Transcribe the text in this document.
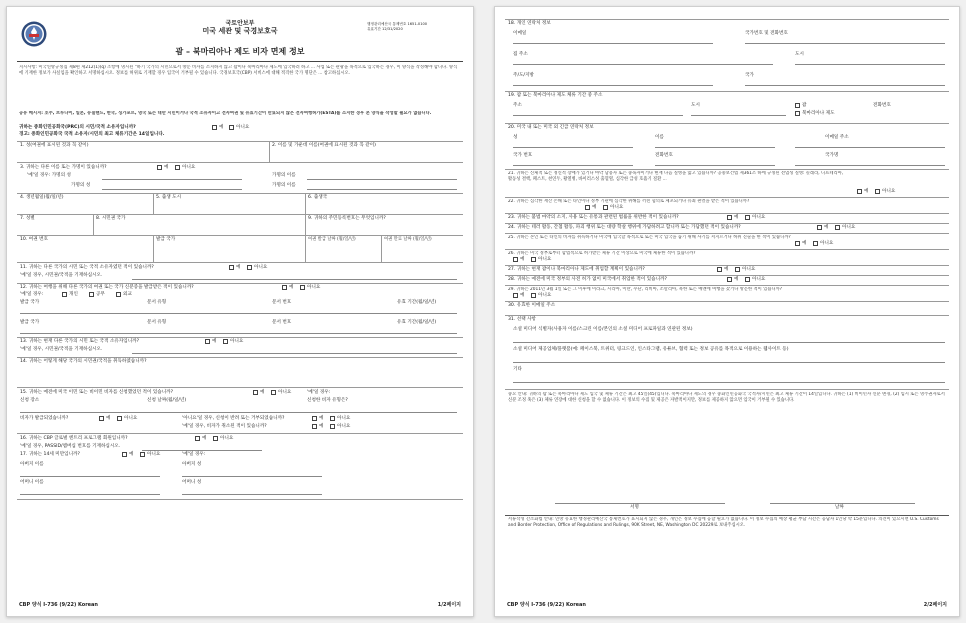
국토안보부
미국 세관 및 국경보호국
행정관리예산국 통제번호 1651-0100
유효기간 12/31/2020
괌 – 북마리아나 제도 비자 면제 정보
지시사항: 미국연방규정집 제8편 제212(1)(q) 조항에 명시된 "하기 국가의 시민으로서 방문 비자를 소지하지 않고 괌이나 북마리아나 제도에 입국하려 하고 ... 사업 또는 관광을 목적으로 입국하는 경우, 이 양식을 작성해야 합니다. 양식에 기재한 정보가 사실임을 확인하고 서명하십시오. 정보를 허위로 기재할 경우 입국이 거부될 수 있습니다. 국경보호국(CBP) 서비스에 대해 적격한 국가 명단은 ... 참고하십시오.
공유 메시지: 호주, 브루나이, 일본, 뉴질랜드, 한국, 싱가포르, 영국 또는 대만 시민이거나 국적 소유자이고 전자여권 및 유효기간이 만료되지 않은 전자여행허가(ESTA)를 소지한 경우 본 양식을 작성할 필요가 없습니다.
귀하는 중화인민공화국(PRC)의 시민/국적 소유자입니까?	예	아니요
경고: 중화인민공화국 국적 소유자/시민의 최고 체류기간은 14일입니다.
1. 성(여권에 표시된 것과 꼭 같이)	2. 이름 및 가운데 이름(여권에 표시된 것과 꼭 같이)
3. 귀하는 다른 이름 또는 가명이 있습니까?	예	아니요
'예'일 경우: 가명의 성	가명의 이름
가명의 성	가명의 이름
4. 생년월일(월/일/년)	5. 출생 도시	6. 출생국
7. 성별	8. 시민권 국가	9. 귀하의 주민등록번호는 무엇입니까?
10. 여권 번호	발급 국가	여권 발급 날짜 (월/일/년)	여권 만료 날짜 (월/일/년)
11. 귀하는 다른 국가의 시민 또는 국적 소유자였던 적이 있습니까?	예	아니요
'예'일 경우, 시민권/국적을 기재하십시오.
12. 귀하는 여행을 위해 다른 국가의 여권 또는 국가 신분증을 발급받은 적이 있습니까?	예	아니요
'예'일 경우:	개인	공무	외교
발급 국가	문서 유형	문서 번호	유효 기간(월/일/년)
발급 국가	문서 유형	문서 번호	유효 기간(월/일/년)
13. 귀하는 현재 다른 국가의 시민 또는 국적 소유자입니까?	예	아니요
'예'일 경우, 시민권/국적을 기재하십시오.
14. 귀하는 어떻게 해당 국가의 시민권/국적을 취득하였습니까?
15. 귀하는 예전에 미국 이민 또는 비이민 비자를 신청했었던 적이 있습니까?	예	아니요	'예'일 경우:
신청 장소	신청 날짜(월/일/년)	신청한 비자 유형은?
비자가 발급되었습니까?	예	아니요	'아니요'일 경우, 신청이 반려 또는 거부되었습니까?	예	아니요
'예'일 경우, 비자가 취소된 적이 있습니까?	예	아니요
16. 귀하는 CBP 글로벌 엔트리 프로그램 회원입니까?	예	아니요
'예'일 경우, PASSID/멤버십 번호를 기재하십시오.
17. 귀하는 14세 미만입니까?	예	아니요	'예'일 경우:
아버지 이름	아버지 성
어머니 이름	어머니 성
CBP 양식 I-736 (9/22) Korean	1/2페이지
18. 개인 연락처 정보
이메일	국가번호 및 전화번호
집 주소	도시
주/도/지방	국가
19. 괌 또는 북마리아나 제도 체류 기간 중 주소
주소	도시	괌
북마리아나 제도
전화번호
20. 미국 내 또는 미국 외 긴급 연락처 정보
성	이름	이메일 주소
국가 번호	전화번호	국가명
21. 귀하는 신체적 또는 정신적 장애가 있거나 마약 남용자 또는 중독자이거나 현재 다음 질병을 앓고 있습니까? 공중보건법 제361조 하에 규정된 전염성 질병: 콜레라, 디프테리아, 활동성 결핵, 페스트, 천연두, 황열병, 바이러스성 출혈열, 심각한 급성 호흡기 질환 ...
예	아니요
22. 귀하는 심각한 재산 손해 또는 타인이나 정부 기관에 심각한 위해를 끼친 혐의로 체포되거나 유죄 판결을 받은 적이 있습니까?
예	아니요
23. 귀하는 불법 마약의 소지, 사용 또는 유통과 관련된 법률을 위반한 적이 있습니까?	예	아니요
24. 귀하는 테러 활동, 간첩 활동, 파괴 행위 또는 대량 학살 행위에 가담하려고 합니까 또는 가담했던 적이 있습니까?	예	아니요
25. 귀하는 본인 또는 타인의 비자를 취득하거나 미국에 입국할 목적으로 또는 미국 입국을 돕기 위해 사기를 저지르거나 허위 진술을 한 적이 있습니까?
예	아니요
26. 귀하는 미국 정부로부터 합법적으로 허가받은 체류 기간 이상으로 미국에 체류한 적이 있습니까?
예	아니요
27. 귀하는 현재 괌이나 북마리아나 제도에 취업할 계획이 있습니까?	예	아니요
28. 귀하는 예전에 미국 정부의 사전 허가 없이 미국에서 취업한 적이 있습니까?	예	아니요
29. 귀하는 2011년 3월 1일 또는 그 이후에 이라크, 시리아, 이란, 수단, 리비아, 소말리아, 북한 또는 예멘에 여행을 갔거나 방문한 적이 있습니까?
예	아니요
30. 유효한 이메일 주소
31. 선택 사항
소셜 미디어 식별자(사용자 이름/스크린 이름/본인의 소셜 미디어 프로파일과 연관된 정보)
소셜 미디어 제공업체/플랫폼(예: 페이스북, 트위터, 링크드인, 인스타그램, 유튜브, 협력 또는 정보 공유를 목적으로 이용하는 웹사이트 등)
기타
중요 안내: 귀하의 괌 또는 북마리아나 제도 입국 및 체류 기간은 최고 45일(45)입니다. 북마리아나 제도의 경우 중화인민공화국 국적자/시민은 최고 체류 기간이 14일입니다. 귀하는 (1) 비이민자 신분 변경, (2) 임시 또는 영주권자로서 신분 조정 혹은 (3) 체류 연장에 대한 신청을 할 수 없습니다. 이 정보의 수집 및 제공은 자발적이지만, 정보를 제공하지 않으면 입국이 거부될 수 있습니다.
서명	날짜
서류작성 간소화법 안내: 연방 유효한 행정관리예산국 통제번호가 표시되지 않은 경우, 개인은 정보 수집에 응할 필요가 없습니다. 이 정보 수집의 예상 평균 부담 시간은 응답자 1인당 약 15분입니다. 의견이 있으시면 U.S. Customs and Border Protection, Office of Regulations and Rulings, 90K Street, NE, Washington DC 20229로 보내주십시오.
CBP 양식 I-736 (9/22) Korean	2/2페이지
